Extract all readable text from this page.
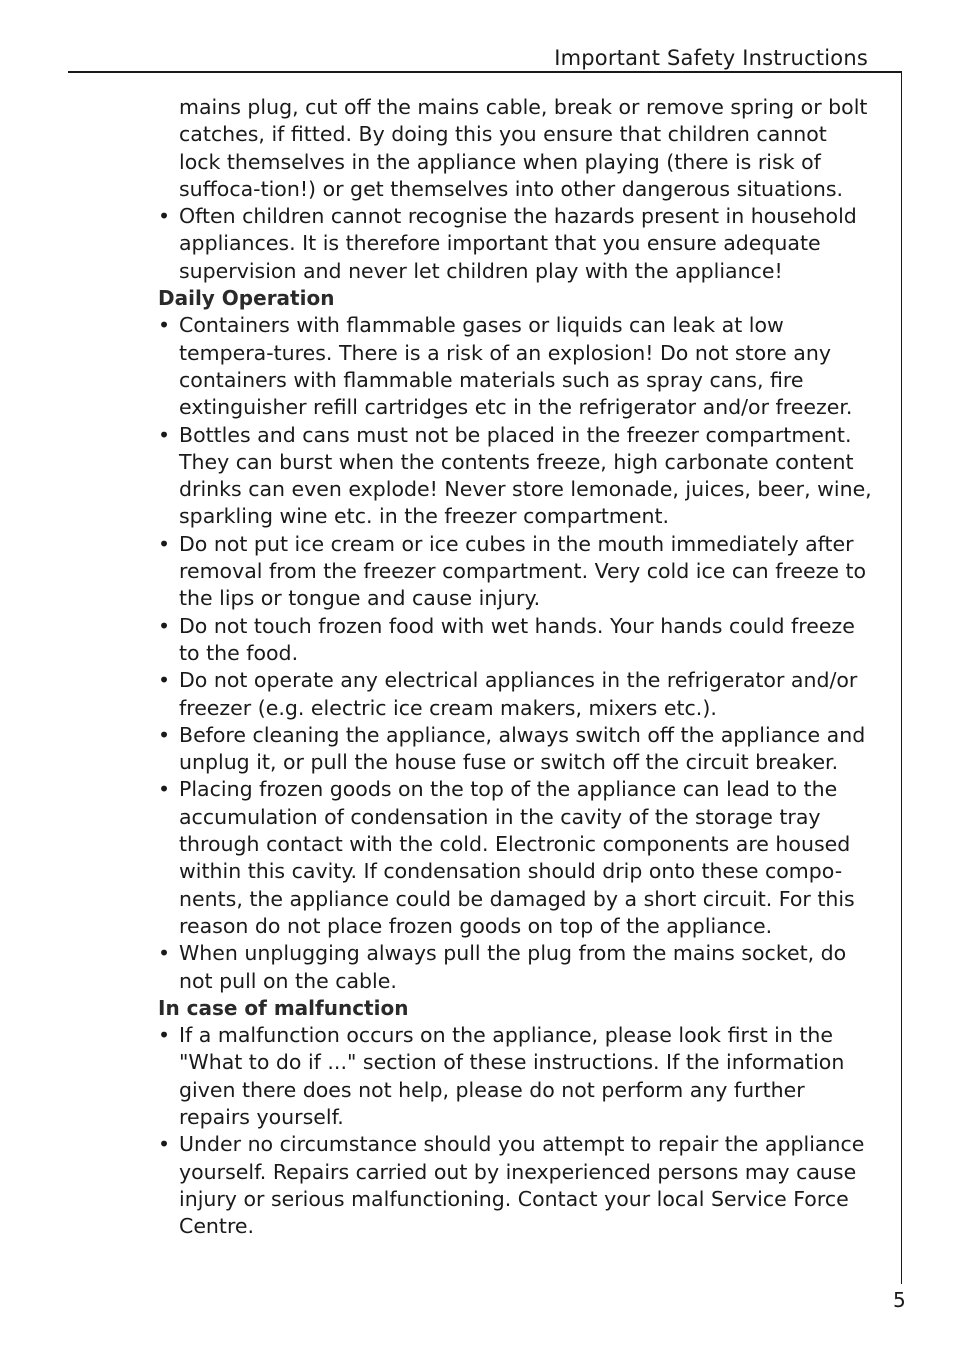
Important Safety Instructions
5

mains plug, cut off the mains cable, break or remove spring or bolt catches, if fitted. By doing this you ensure that children cannot lock themselves in the appliance when playing (there is risk of suffoca-tion!) or get themselves into other dangerous situations.

• Often children cannot recognise the hazards present in household appliances. It is therefore important that you ensure adequate supervision and never let children play with the appliance!

Daily Operation

• Containers with flammable gases or liquids can leak at low tempera-tures. There is a risk of an explosion! Do not store any containers with flammable materials such as spray cans, fire extinguisher refill cartridges etc in the refrigerator and/or freezer.

• Bottles and cans must not be placed in the freezer compartment. They can burst when the contents freeze, high carbonate content drinks can even explode! Never store lemonade, juices, beer, wine, sparkling wine etc. in the freezer compartment.

• Do not put ice cream or ice cubes in the mouth immediately after removal from the freezer compartment. Very cold ice can freeze to the lips or tongue and cause injury.

• Do not touch frozen food with wet hands. Your hands could freeze to the food.

• Do not operate any electrical appliances in the refrigerator and/or freezer (e.g. electric ice cream makers, mixers etc.).

• Before cleaning the appliance, always switch off the appliance and unplug it, or pull the house fuse or switch off the circuit breaker.

• Placing frozen goods on the top of the appliance can lead to the accumulation of condensation in the cavity of the storage tray through contact with the cold. Electronic components are housed within this cavity. If condensation should drip onto these compo-nents, the appliance could be damaged by a short circuit. For this reason do not place frozen goods on top of the appliance.

• When unplugging always pull the plug from the mains socket, do not pull on the cable.

In case of malfunction

• If a malfunction occurs on the appliance, please look first in the "What to do if ..." section of these instructions. If the information given there does not help, please do not perform any further repairs yourself.

• Under no circumstance should you attempt to repair the appliance yourself. Repairs carried out by inexperienced persons may cause injury or serious malfunctioning. Contact your local Service Force Centre.
